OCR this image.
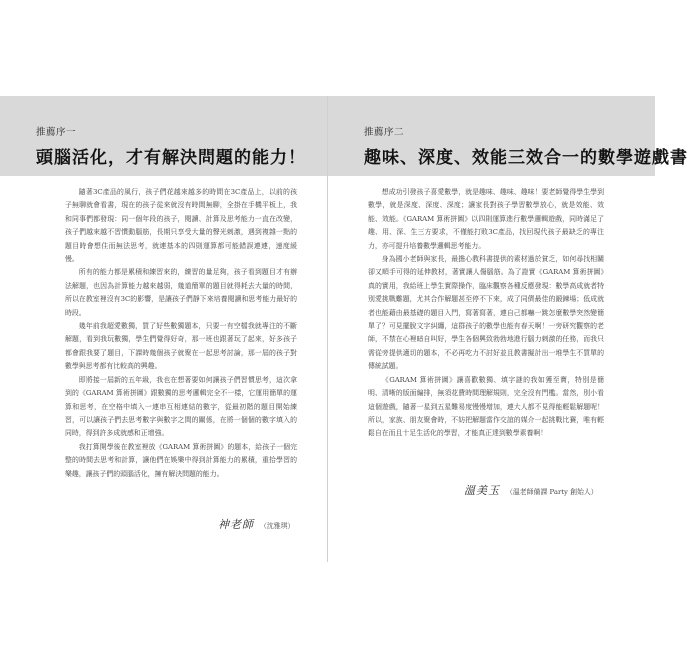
推薦序一
頭腦活化，才有解決問題的能力！

隨著3C產品的風行，孩子們花越來越多的時間在3C產品上，以前的孩子無聊就會看書，現在的孩子從來就沒有時間無聊，全掛在手機平板上，我和同事們都發現：同一個年段的孩子，閱讀、計算及思考能力一直在改變，孩子們越來越不習慣動腦筋，長期只享受大量的聲光刺激，遇到複雜一點的題目時會想住而無法思考，就連基本的四則運算都可能錯誤連連，速度緩慢。

所有的能力都是累積和練習來的，練習的量足夠，孩子看到題目才有辦法解題，也因為計算能力越來越弱，幾道簡單的題目就得耗去大量的時間，所以在教室裡沒有3C的影響，是讓孩子們靜下來培養閱讀和思考能力最好的時段。

幾年前我超愛數獨，買了好些數獨題本，只要一有空檔我就專注的不斷解題，看到我玩數獨，學生們覺得好奇，那一班也跟著玩了起來，好多孩子都會跟我要了題目，下課時幾個孩子就聚在一起思考討論，那一屆的孩子對數學與思考都有比較高的興趣。

即將接一屆新的五年級，我也在想著要如何讓孩子們習慣思考，這次拿到的《GARAM 算術拼圖》跟數獨的思考邏輯完全不一樣，它運用簡單的運算和思考，在空格中填入一連串互相連結的數字，從最初階的題目開始練習，可以讓孩子們去思考數字與數字之間的關係，在將一個個的數字填入的同時，得到許多成就感和正增強。

我打算開學後在教室裡放《GARAM 算術拼圖》的題本，給孩子一個完整的時間去思考和計算，讓他們在娛樂中得到計算能力的累積，重拾學習的樂趣，讓孩子們的頭腦活化，擁有解決問題的能力。

神老師 （沈雅琪）
推薦序二
趣味、深度、效能三效合一的數學遊戲書

想成功引發孩子喜愛數學，就是趣味、趣味、趣味！要老師覺得學生學到數學，就是深度、深度、深度；讓家長對孩子學習數學放心，就是效能、效能、效能。《GARAM 算術拼圖》以四則運算進行數學邏輯遊戲，同時滿足了趣、用、深、生三方要求，不僅能打敗3C產品，找回現代孩子最缺乏的專注力，亦可提升培養數學邏輯思考能力。

身為國小老師與家長，最擔心教科書提供的素材過於貧乏，如何尋找相關卻又順手可得的延伸教材，著實讓人傷腦筋。為了證實《GARAM 算術拼圖》真的實用，我給班上學生實際操作，臨床觀察各種反應發現：數學高成就者特別愛挑戰難題，尤其合作解題甚至停不下來，成了同儕最佳的鍛鍊場；低成就者也能藉由最基礎的題目入門，寫著寫著，連自己都嚇一跳怎麼數學突然變簡單了？可見擺脫文字糾纏，這群孩子的數學也能有春天啊！一旁研究觀察的老師，不禁在心裡暗自叫好，學生各個興致勃勃地進行腦力刺激的任務，而我只需從旁提供適切的題本，不必再吃力不討好並且教書擬計出一堆學生不買單的傳統試題。

《GARAM 算術拼圖》讓喜歡數獨、填字謎的我如獲至寶，特別是簡明、清晰的版面編排，無須花費時間理解規則，完全沒有門檻。當然，別小看這個遊戲，隨著一星到五星難易度慢慢增加，連大人都不見得能輕鬆解題呢！所以，家族、朋友聚會時，不妨把解題當作交誼的媒介一起挑戰比賽，唯有輕鬆自在而且十足生活化的學習，才能真正達到數學素養啊！

溫美玉 （溫老師備課 Party 創始人）
